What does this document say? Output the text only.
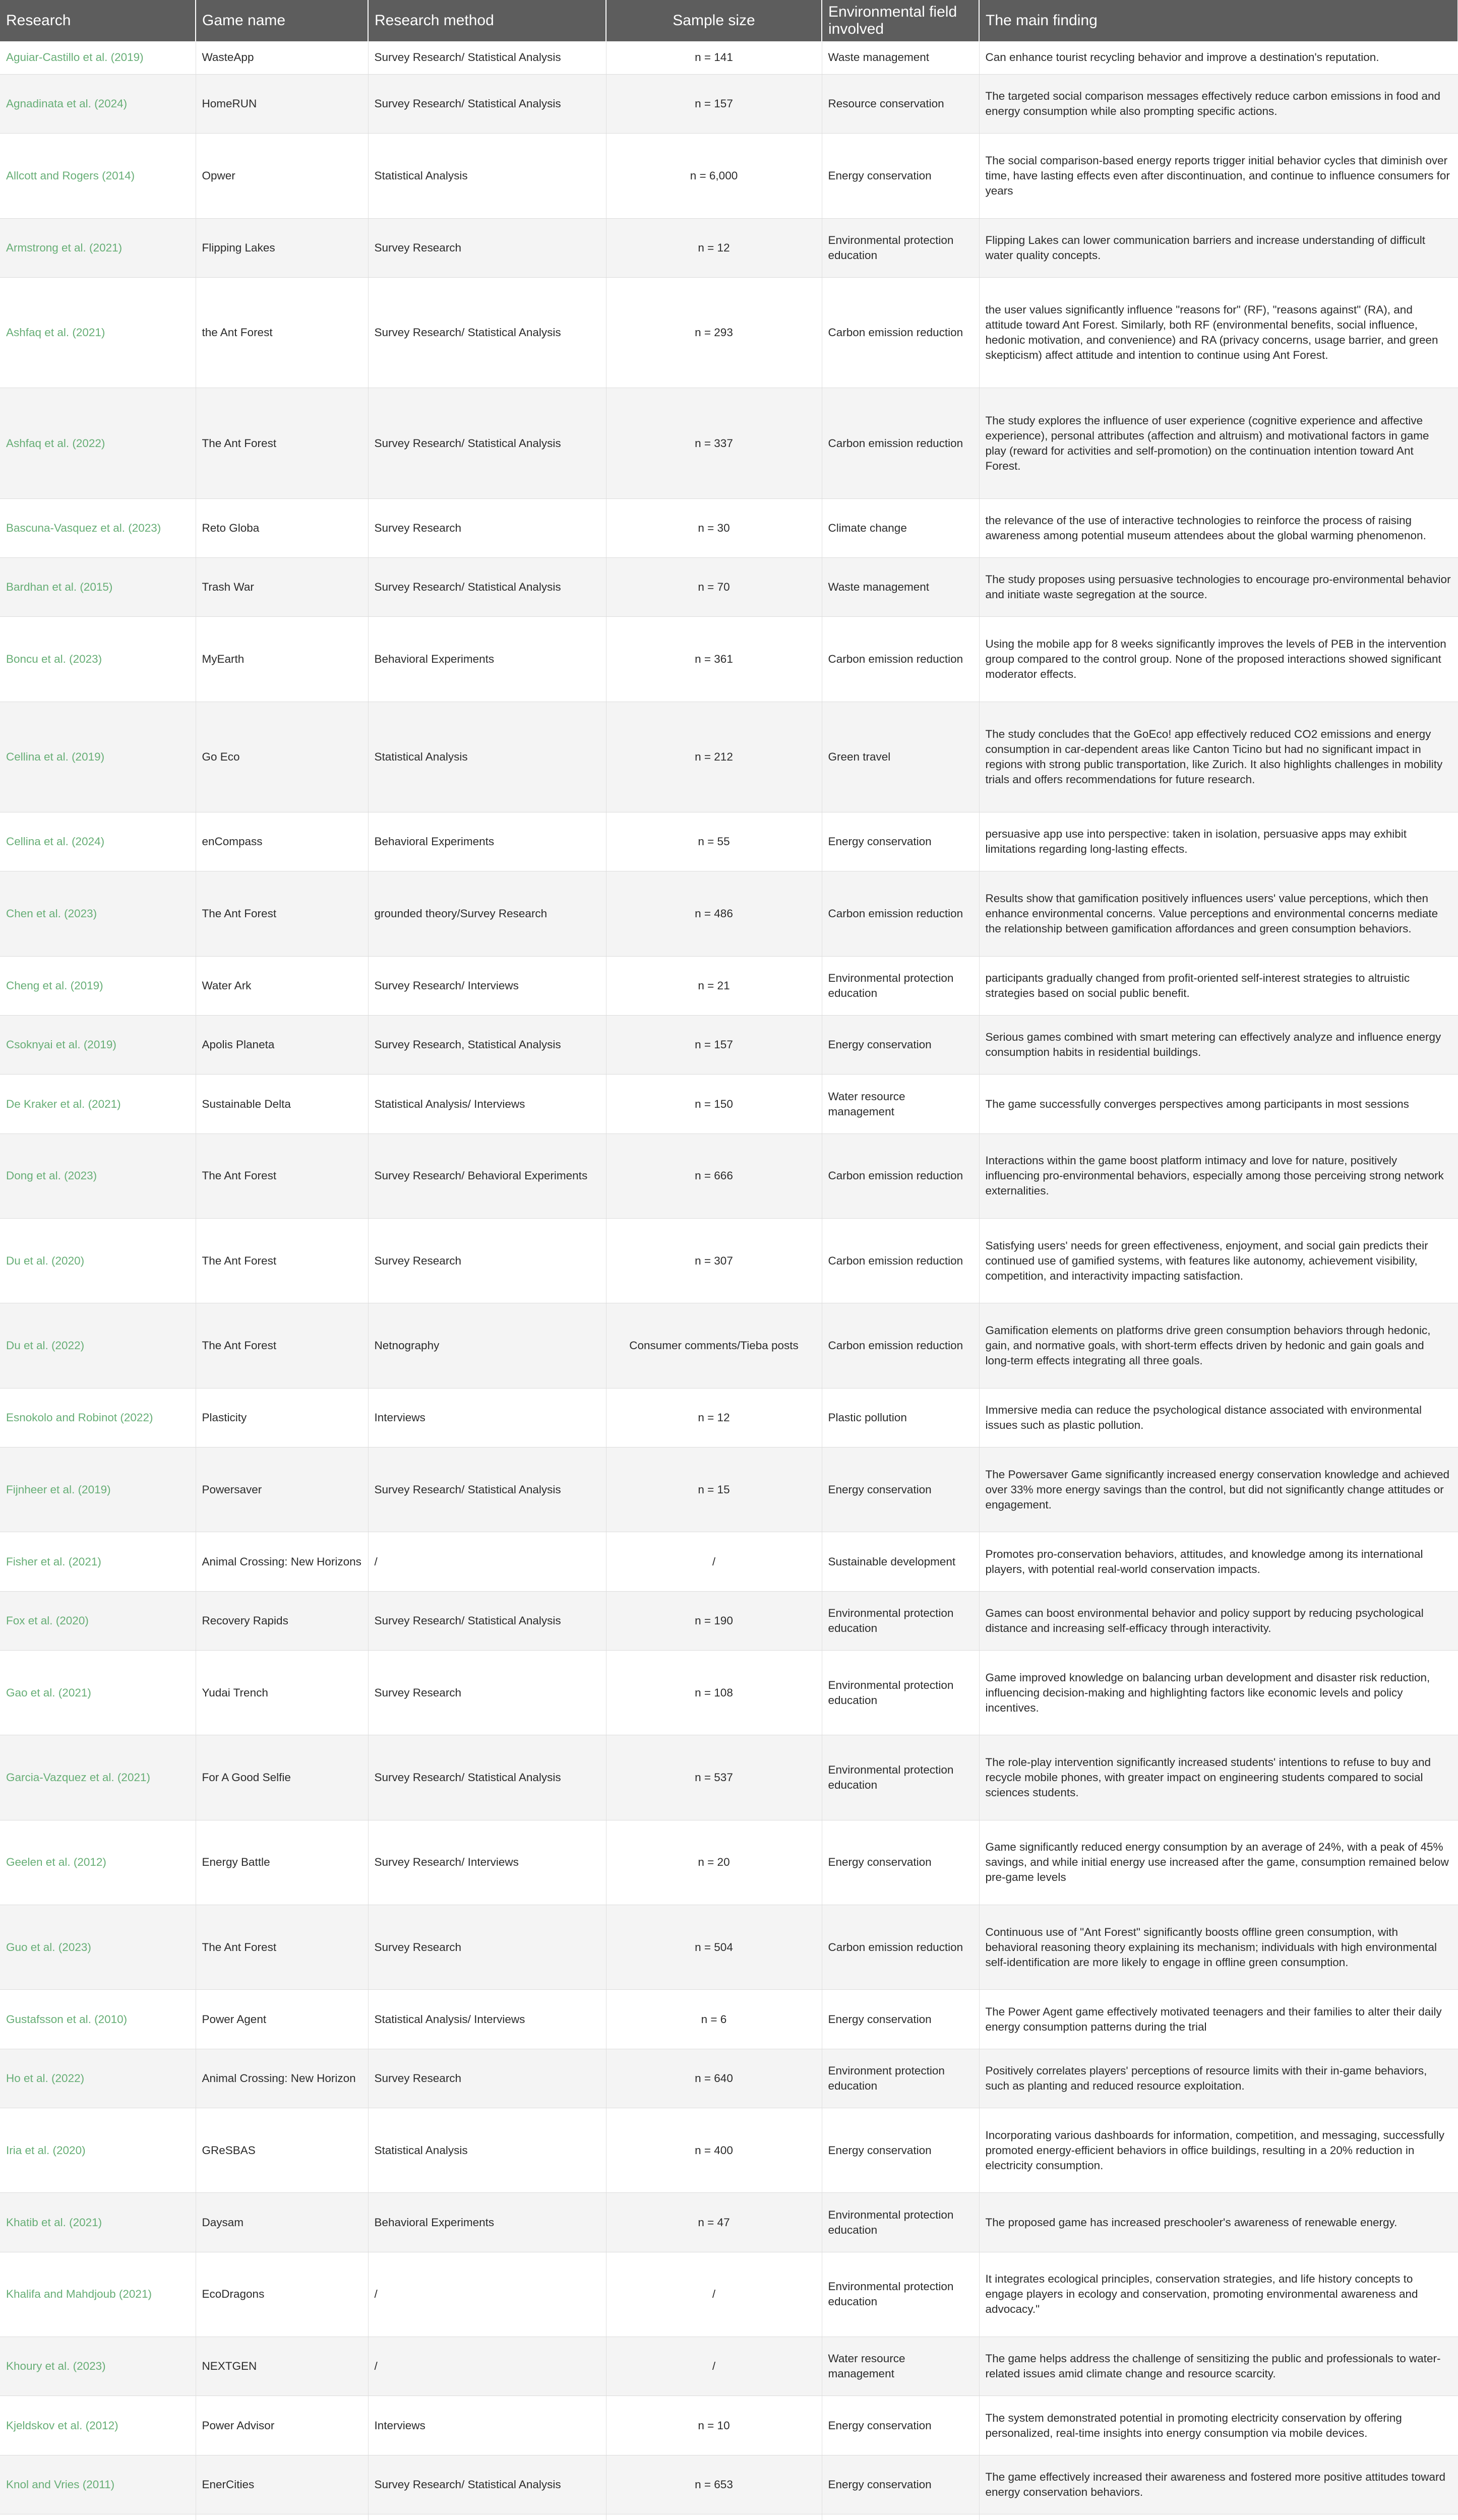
Research	Game name	Research method	Sample size	Environmental field involved	The main finding
Aguiar-Castillo et al. (2019)	WasteApp	Survey Research/ Statistical Analysis	n = 141	Waste management	Can enhance tourist recycling behavior and improve a destination's reputation.
Agnadinata et al. (2024)	HomeRUN	Survey Research/ Statistical Analysis	n = 157	Resource conservation	The targeted social comparison messages effectively reduce carbon emissions in food and energy consumption while also prompting specific actions.
Allcott and Rogers (2014)	Opwer	Statistical Analysis	n = 6,000	Energy conservation	The social comparison-based energy reports trigger initial behavior cycles that diminish over time, have lasting effects even after discontinuation, and continue to influence consumers for years
Armstrong et al. (2021)	Flipping Lakes	Survey Research	n = 12	Environmental protection education	Flipping Lakes can lower communication barriers and increase understanding of difficult water quality concepts.
Ashfaq et al. (2021)	the Ant Forest	Survey Research/ Statistical Analysis	n = 293	Carbon emission reduction	the user values significantly influence "reasons for" (RF), "reasons against" (RA), and attitude toward Ant Forest. Similarly, both RF (environmental benefits, social influence, hedonic motivation, and convenience) and RA (privacy concerns, usage barrier, and green skepticism) affect attitude and intention to continue using Ant Forest.
Ashfaq et al. (2022)	The Ant Forest	Survey Research/ Statistical Analysis	n = 337	Carbon emission reduction	The study explores the influence of user experience (cognitive experience and affective experience), personal attributes (affection and altruism) and motivational factors in game play (reward for activities and self-promotion) on the continuation intention toward Ant Forest.
Bascuna-Vasquez et al. (2023)	Reto Globa	Survey Research	n = 30	Climate change	the relevance of the use of interactive technologies to reinforce the process of raising awareness among potential museum attendees about the global warming phenomenon.
Bardhan et al. (2015)	Trash War	Survey Research/ Statistical Analysis	n = 70	Waste management	The study proposes using persuasive technologies to encourage pro-environmental behavior and initiate waste segregation at the source.
Boncu et al. (2023)	MyEarth	Behavioral Experiments	n = 361	Carbon emission reduction	Using the mobile app for 8 weeks significantly improves the levels of PEB in the intervention group compared to the control group. None of the proposed interactions showed significant moderator effects.
Cellina et al. (2019)	Go Eco	Statistical Analysis	n = 212	Green travel	The study concludes that the GoEco! app effectively reduced CO2 emissions and energy consumption in car-dependent areas like Canton Ticino but had no significant impact in regions with strong public transportation, like Zurich. It also highlights challenges in mobility trials and offers recommendations for future research.
Cellina et al. (2024)	enCompass	Behavioral Experiments	n = 55	Energy conservation	persuasive app use into perspective: taken in isolation, persuasive apps may exhibit limitations regarding long-lasting effects.
Chen et al. (2023)	The Ant Forest	grounded theory/Survey Research	n = 486	Carbon emission reduction	Results show that gamification positively influences users' value perceptions, which then enhance environmental concerns. Value perceptions and environmental concerns mediate the relationship between gamification affordances and green consumption behaviors.
Cheng et al. (2019)	Water Ark	Survey Research/ Interviews	n = 21	Environmental protection education	participants gradually changed from profit-oriented self-interest strategies to altruistic strategies based on social public benefit.
Csoknyai et al. (2019)	Apolis Planeta	Survey Research, Statistical Analysis	n = 157	Energy conservation	Serious games combined with smart metering can effectively analyze and influence energy consumption habits in residential buildings.
De Kraker et al. (2021)	Sustainable Delta	Statistical Analysis/ Interviews	n = 150	Water resource management	The game successfully converges perspectives among participants in most sessions
Dong et al. (2023)	The Ant Forest	Survey Research/ Behavioral Experiments	n = 666	Carbon emission reduction	Interactions within the game boost platform intimacy and love for nature, positively influencing pro-environmental behaviors, especially among those perceiving strong network externalities.
Du et al. (2020)	The Ant Forest	Survey Research	n = 307	Carbon emission reduction	Satisfying users' needs for green effectiveness, enjoyment, and social gain predicts their continued use of gamified systems, with features like autonomy, achievement visibility, competition, and interactivity impacting satisfaction.
Du et al. (2022)	The Ant Forest	Netnography	Consumer comments/Tieba posts	Carbon emission reduction	Gamification elements on platforms drive green consumption behaviors through hedonic, gain, and normative goals, with short-term effects driven by hedonic and gain goals and long-term effects integrating all three goals.
Esnokolo and Robinot (2022)	Plasticity	Interviews	n = 12	Plastic pollution	Immersive media can reduce the psychological distance associated with environmental issues such as plastic pollution.
Fijnheer et al. (2019)	Powersaver	Survey Research/ Statistical Analysis	n = 15	Energy conservation	The Powersaver Game significantly increased energy conservation knowledge and achieved over 33% more energy savings than the control, but did not significantly change attitudes or engagement.
Fisher et al. (2021)	Animal Crossing: New Horizons	/	/	Sustainable development	Promotes pro-conservation behaviors, attitudes, and knowledge among its international players, with potential real-world conservation impacts.
Fox et al. (2020)	Recovery Rapids	Survey Research/ Statistical Analysis	n = 190	Environmental protection education	Games can boost environmental behavior and policy support by reducing psychological distance and increasing self-efficacy through interactivity.
Gao et al. (2021)	Yudai Trench	Survey Research	n = 108	Environmental protection education	Game improved knowledge on balancing urban development and disaster risk reduction, influencing decision-making and highlighting factors like economic levels and policy incentives.
Garcia-Vazquez et al. (2021)	For A Good Selfie	Survey Research/ Statistical Analysis	n = 537	Environmental protection education	The role-play intervention significantly increased students' intentions to refuse to buy and recycle mobile phones, with greater impact on engineering students compared to social sciences students.
Geelen et al. (2012)	Energy Battle	Survey Research/ Interviews	n = 20	Energy conservation	Game significantly reduced energy consumption by an average of 24%, with a peak of 45% savings, and while initial energy use increased after the game, consumption remained below pre-game levels
Guo et al. (2023)	The Ant Forest	Survey Research	n = 504	Carbon emission reduction	Continuous use of "Ant Forest" significantly boosts offline green consumption, with behavioral reasoning theory explaining its mechanism; individuals with high environmental self-identification are more likely to engage in offline green consumption.
Gustafsson et al. (2010)	Power Agent	Statistical Analysis/ Interviews	n = 6	Energy conservation	The Power Agent game effectively motivated teenagers and their families to alter their daily energy consumption patterns during the trial
Ho et al. (2022)	Animal Crossing: New Horizon	Survey Research	n = 640	Environment protection education	Positively correlates players' perceptions of resource limits with their in-game behaviors, such as planting and reduced resource exploitation.
Iria et al. (2020)	GReSBAS	Statistical Analysis	n = 400	Energy conservation	Incorporating various dashboards for information, competition, and messaging, successfully promoted energy-efficient behaviors in office buildings, resulting in a 20% reduction in electricity consumption.
Khatib et al. (2021)	Daysam	Behavioral Experiments	n = 47	Environmental protection education	The proposed game has increased preschooler's awareness of renewable energy.
Khalifa and Mahdjoub (2021)	EcoDragons	/	/	Environmental protection education	It integrates ecological principles, conservation strategies, and life history concepts to engage players in ecology and conservation, promoting environmental awareness and advocacy."
Khoury et al. (2023)	NEXTGEN	/	/	Water resource management	The game helps address the challenge of sensitizing the public and professionals to water-related issues amid climate change and resource scarcity.
Kjeldskov et al. (2012)	Power Advisor	Interviews	n = 10	Energy conservation	The system demonstrated potential in promoting electricity conservation by offering personalized, real-time insights into energy consumption via mobile devices.
Knol and Vries (2011)	EnerCities	Survey Research/ Statistical Analysis	n = 653	Energy conservation	The game effectively increased their awareness and fostered more positive attitudes toward energy conservation behaviors.
